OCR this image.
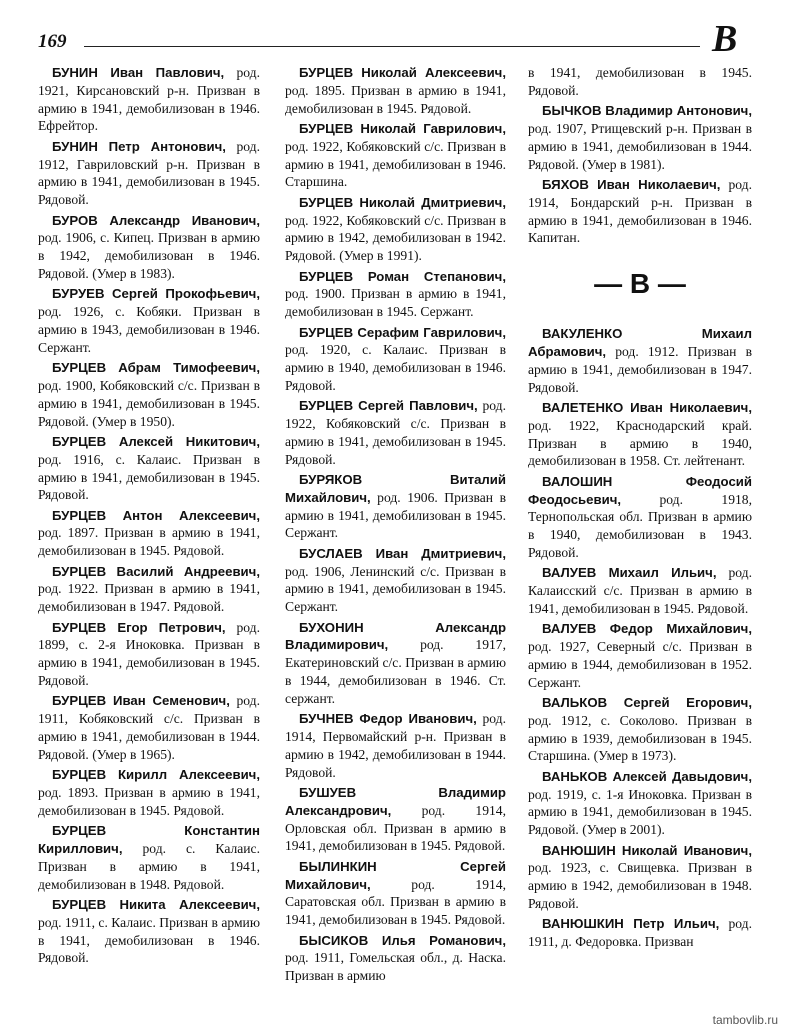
169	В

БУНИН Иван Павлович, род. 1921, Кирсановский р-н. Призван в армию в 1941, демобилизован в 1946. Ефрейтор.

БУНИН Петр Антонович, род. 1912, Гавриловский р-н. Призван в армию в 1941, демобилизован в 1945. Рядовой.

БУРОВ Александр Иванович, род. 1906, с. Кипец. Призван в армию в 1942, демобилизован в 1946. Рядовой. (Умер в 1983).

БУРУЕВ Сергей Прокофьевич, род. 1926, с. Кобяки. Призван в армию в 1943, демобилизован в 1946. Сержант.

БУРЦЕВ Абрам Тимофеевич, род. 1900, Кобяковский с/с. Призван в армию в 1941, демобилизован в 1945. Рядовой. (Умер в 1950).

БУРЦЕВ Алексей Никитович, род. 1916, с. Калаис. Призван в армию в 1941, демобилизован в 1945. Рядовой.

БУРЦЕВ Антон Алексеевич, род. 1897. Призван в армию в 1941, демобилизован в 1945. Рядовой.

БУРЦЕВ Василий Андреевич, род. 1922. Призван в армию в 1941, демобилизован в 1947. Рядовой.

БУРЦЕВ Егор Петрович, род. 1899, с. 2-я Иноковка. Призван в армию в 1941, демобилизован в 1945. Рядовой.

БУРЦЕВ Иван Семенович, род. 1911, Кобяковский с/с. Призван в армию в 1941, демобилизован в 1944. Рядовой. (Умер в 1965).

БУРЦЕВ Кирилл Алексеевич, род. 1893. Призван в армию в 1941, демобилизован в 1945. Рядовой.

БУРЦЕВ Константин Кириллович, род. с. Калаис. Призван в армию в 1941, демобилизован в 1948. Рядовой.

БУРЦЕВ Никита Алексеевич, род. 1911, с. Калаис. Призван в армию в 1941, демобилизован в 1946. Рядовой.

БУРЦЕВ Николай Алексеевич, род. 1895. Призван в армию в 1941, демобилизован в 1945. Рядовой.

БУРЦЕВ Николай Гаврилович, род. 1922, Кобяковский с/с. Призван в армию в 1941, демобилизован в 1946. Старшина.

БУРЦЕВ Николай Дмитриевич, род. 1922, Кобяковский с/с. Призван в армию в 1942, демобилизован в 1942. Рядовой. (Умер в 1991).

БУРЦЕВ Роман Степанович, род. 1900. Призван в армию в 1941, демобилизован в 1945. Сержант.

БУРЦЕВ Серафим Гаврилович, род. 1920, с. Калаис. Призван в армию в 1940, демобилизован в 1946. Рядовой.

БУРЦЕВ Сергей Павлович, род. 1922, Кобяковский с/с. Призван в армию в 1941, демобилизован в 1945. Рядовой.

БУРЯКОВ Виталий Михайлович, род. 1906. Призван в армию в 1941, демобилизован в 1945. Сержант.

БУСЛАЕВ Иван Дмитриевич, род. 1906, Ленинский с/с. Призван в армию в 1941, демобилизован в 1945. Сержант.

БУХОНИН Александр Владимирович, род. 1917, Екатериновский с/с. Призван в армию в 1944, демобилизован в 1946. Ст. сержант.

БУЧНЕВ Федор Иванович, род. 1914, Первомайский р-н. Призван в армию в 1942, демобилизован в 1944. Рядовой.

БУШУЕВ Владимир Александрович, род. 1914, Орловская обл. Призван в армию в 1941, демобилизован в 1945. Рядовой.

БЫЛИНКИН Сергей Михайлович, род. 1914, Саратовская обл. Призван в армию в 1941, демобилизован в 1945. Рядовой.

БЫСИКОВ Илья Романович, род. 1911, Гомельская обл., д. Наска. Призван в армию

в 1941, демобилизован в 1945. Рядовой.

БЫЧКОВ Владимир Антонович, род. 1907, Ртищевский р-н. Призван в армию в 1941, демобилизован в 1944. Рядовой. (Умер в 1981).

БЯХОВ Иван Николаевич, род. 1914, Бондарский р-н. Призван в армию в 1941, демобилизован в 1946. Капитан.

— В —

ВАКУЛЕНКО Михаил Абрамович, род. 1912. Призван в армию в 1941, демобилизован в 1947. Рядовой.

ВАЛЕТЕНКО Иван Николаевич, род. 1922, Краснодарский край. Призван в армию в 1940, демобилизован в 1958. Ст. лейтенант.

ВАЛОШИН Феодосий Феодосьевич, род. 1918, Тернопольская обл. Призван в армию в 1940, демобилизован в 1943. Рядовой.

ВАЛУЕВ Михаил Ильич, род. Калаисский с/с. Призван в армию в 1941, демобилизован в 1945. Рядовой.

ВАЛУЕВ Федор Михайлович, род. 1927, Северный с/с. Призван в армию в 1944, демобилизован в 1952. Сержант.

ВАЛЬКОВ Сергей Егорович, род. 1912, с. Соколово. Призван в армию в 1939, демобилизован в 1945. Старшина. (Умер в 1973).

ВАНЬКОВ Алексей Давыдович, род. 1919, с. 1-я Иноковка. Призван в армию в 1941, демобилизован в 1945. Рядовой. (Умер в 2001).

ВАНЮШИН Николай Иванович, род. 1923, с. Свищевка. Призван в армию в 1942, демобилизован в 1948. Рядовой.

ВАНЮШКИН Петр Ильич, род. 1911, д. Федоровка. Призван

tambovlib.ru
